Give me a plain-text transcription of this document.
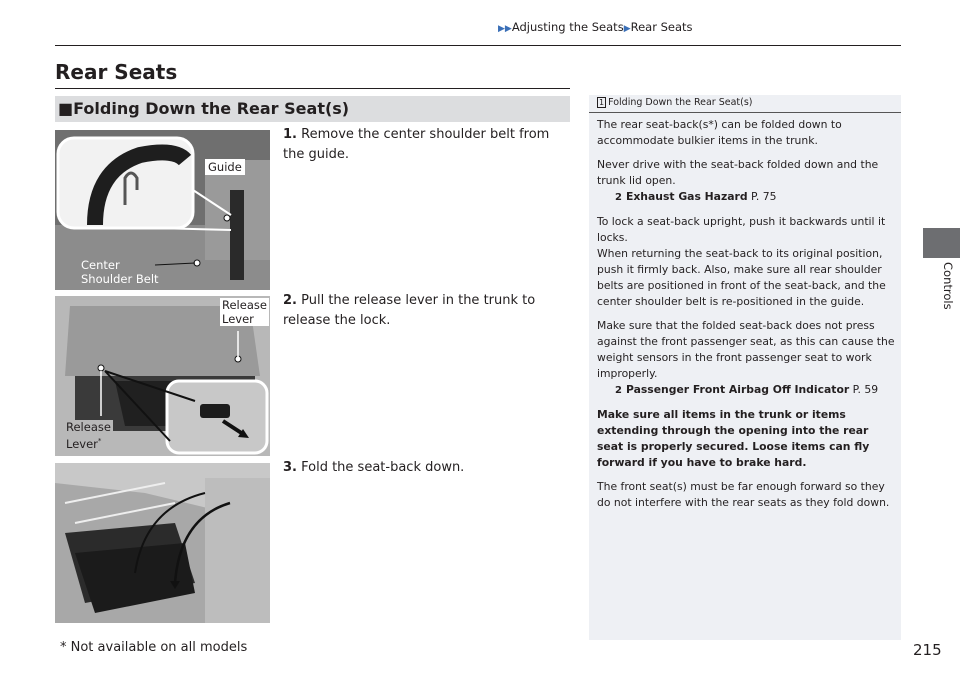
▶▶Adjusting the Seats▶Rear Seats
Controls
Rear Seats
■Folding Down the Rear Seat(s)
1. Remove the center shoulder belt from the guide.
2. Pull the release lever in the trunk to release the lock.
3. Fold the seat-back down.
Guide
Center
Shoulder Belt
Release
Lever
Release
Lever*
1 Folding Down the Rear Seat(s)

The rear seat-back(s*) can be folded down to accommodate bulkier items in the trunk.

Never drive with the seat-back folded down and the trunk lid open.
2 Exhaust Gas Hazard P. 75

To lock a seat-back upright, push it backwards until it locks.
When returning the seat-back to its original position, push it firmly back. Also, make sure all rear shoulder belts are positioned in front of the seat-back, and the center shoulder belt is re-positioned in the guide.

Make sure that the folded seat-back does not press against the front passenger seat, as this can cause the weight sensors in the front passenger seat to work improperly.
2 Passenger Front Airbag Off Indicator P. 59

Make sure all items in the trunk or items extending through the opening into the rear seat is properly secured. Loose items can fly forward if you have to brake hard.

The front seat(s) must be far enough forward so they do not interfere with the rear seats as they fold down.

* Not available on all models	215
